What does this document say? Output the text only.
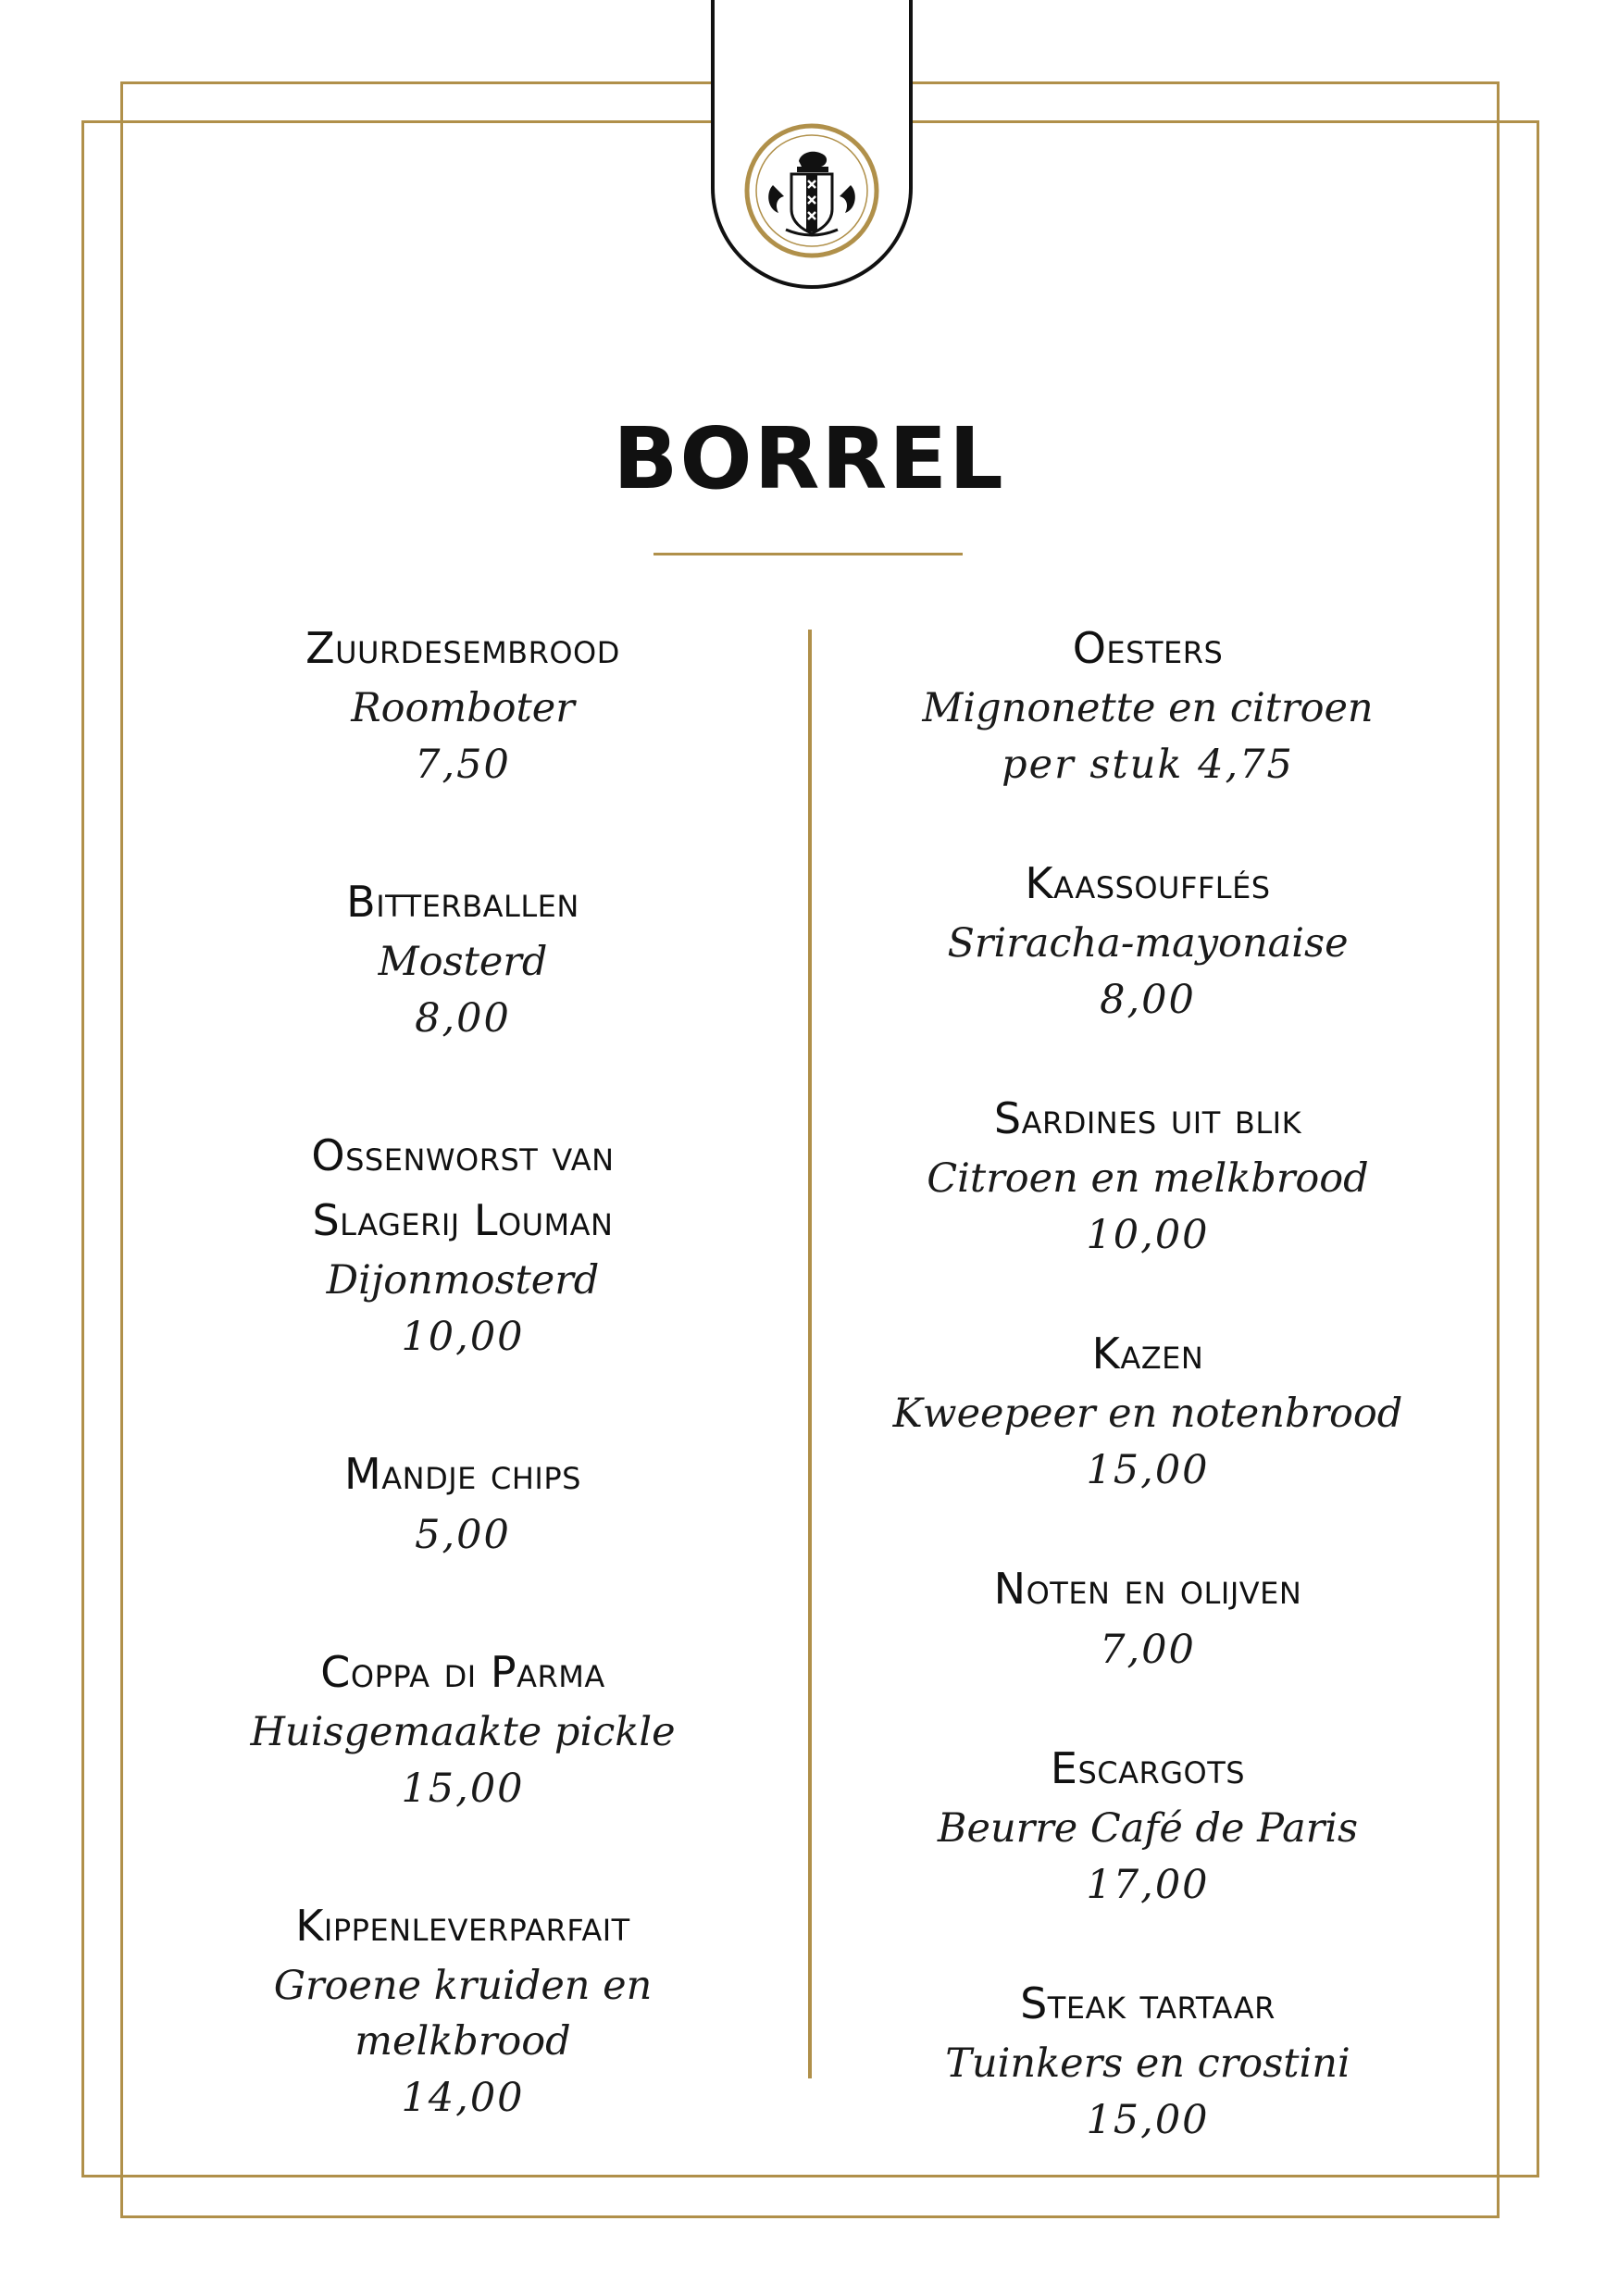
BORREL
Zuurdesembrood
Roomboter
7,50
Bitterballen
Mosterd
8,00
Ossenworst van
Slagerij Louman
Dijonmosterd
10,00
Mandje chips
5,00
Coppa di Parma
Huisgemaakte pickle
15,00
Kippenleverparfait
Groene kruiden en melkbrood
14,00
Oesters
Mignonette en citroen
per stuk 4,75
Kaassoufflés
Sriracha-mayonaise
8,00
Sardines uit blik
Citroen en melkbrood
10,00
Kazen
Kweepeer en notenbrood
15,00
Noten en olijven
7,00
Escargots
Beurre Café de Paris
17,00
Steak tartaar
Tuinkers en crostini
15,00
